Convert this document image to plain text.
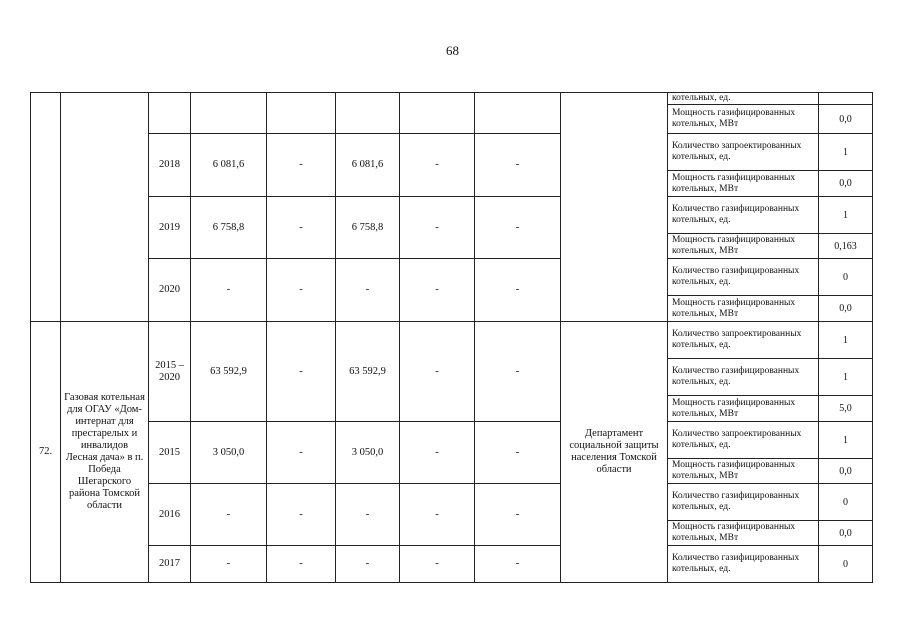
68
									котельных, ед.	
									Мощность газифицированных котельных, МВт	0,0
		2018	6 081,6	-	6 081,6	-	-		Количество запроектированных котельных, ед.	1
									Мощность газифицированных котельных, МВт	0,0
		2019	6 758,8	-	6 758,8	-	-		Количество газифицированных котельных, ед.	1
									Мощность газифицированных котельных, МВт	0,163
		2020	-	-	-	-	-		Количество газифицированных котельных, ед.	0
									Мощность газифицированных котельных, МВт	0,0
72.	Газовая котельная для ОГАУ «Дом-интернат для престарелых и инвалидов Лесная дача» в п. Победа Шегарского района Томской области	2015 – 2020	63 592,9	-	63 592,9	-	-	Департамент социальной защиты населения Томской области	Количество запроектированных котельных, ед.	1
									Количество газифицированных котельных, ед.	1
									Мощность газифицированных котельных, МВт	5,0
		2015	3 050,0	-	3 050,0	-	-		Количество запроектированных котельных, ед.	1
									Мощность газифицированных котельных, МВт	0,0
		2016	-	-	-	-	-		Количество газифицированных котельных, ед.	0
									Мощность газифицированных котельных, МВт	0,0
		2017	-	-	-	-	-		Количество газифицированных котельных, ед.	0
